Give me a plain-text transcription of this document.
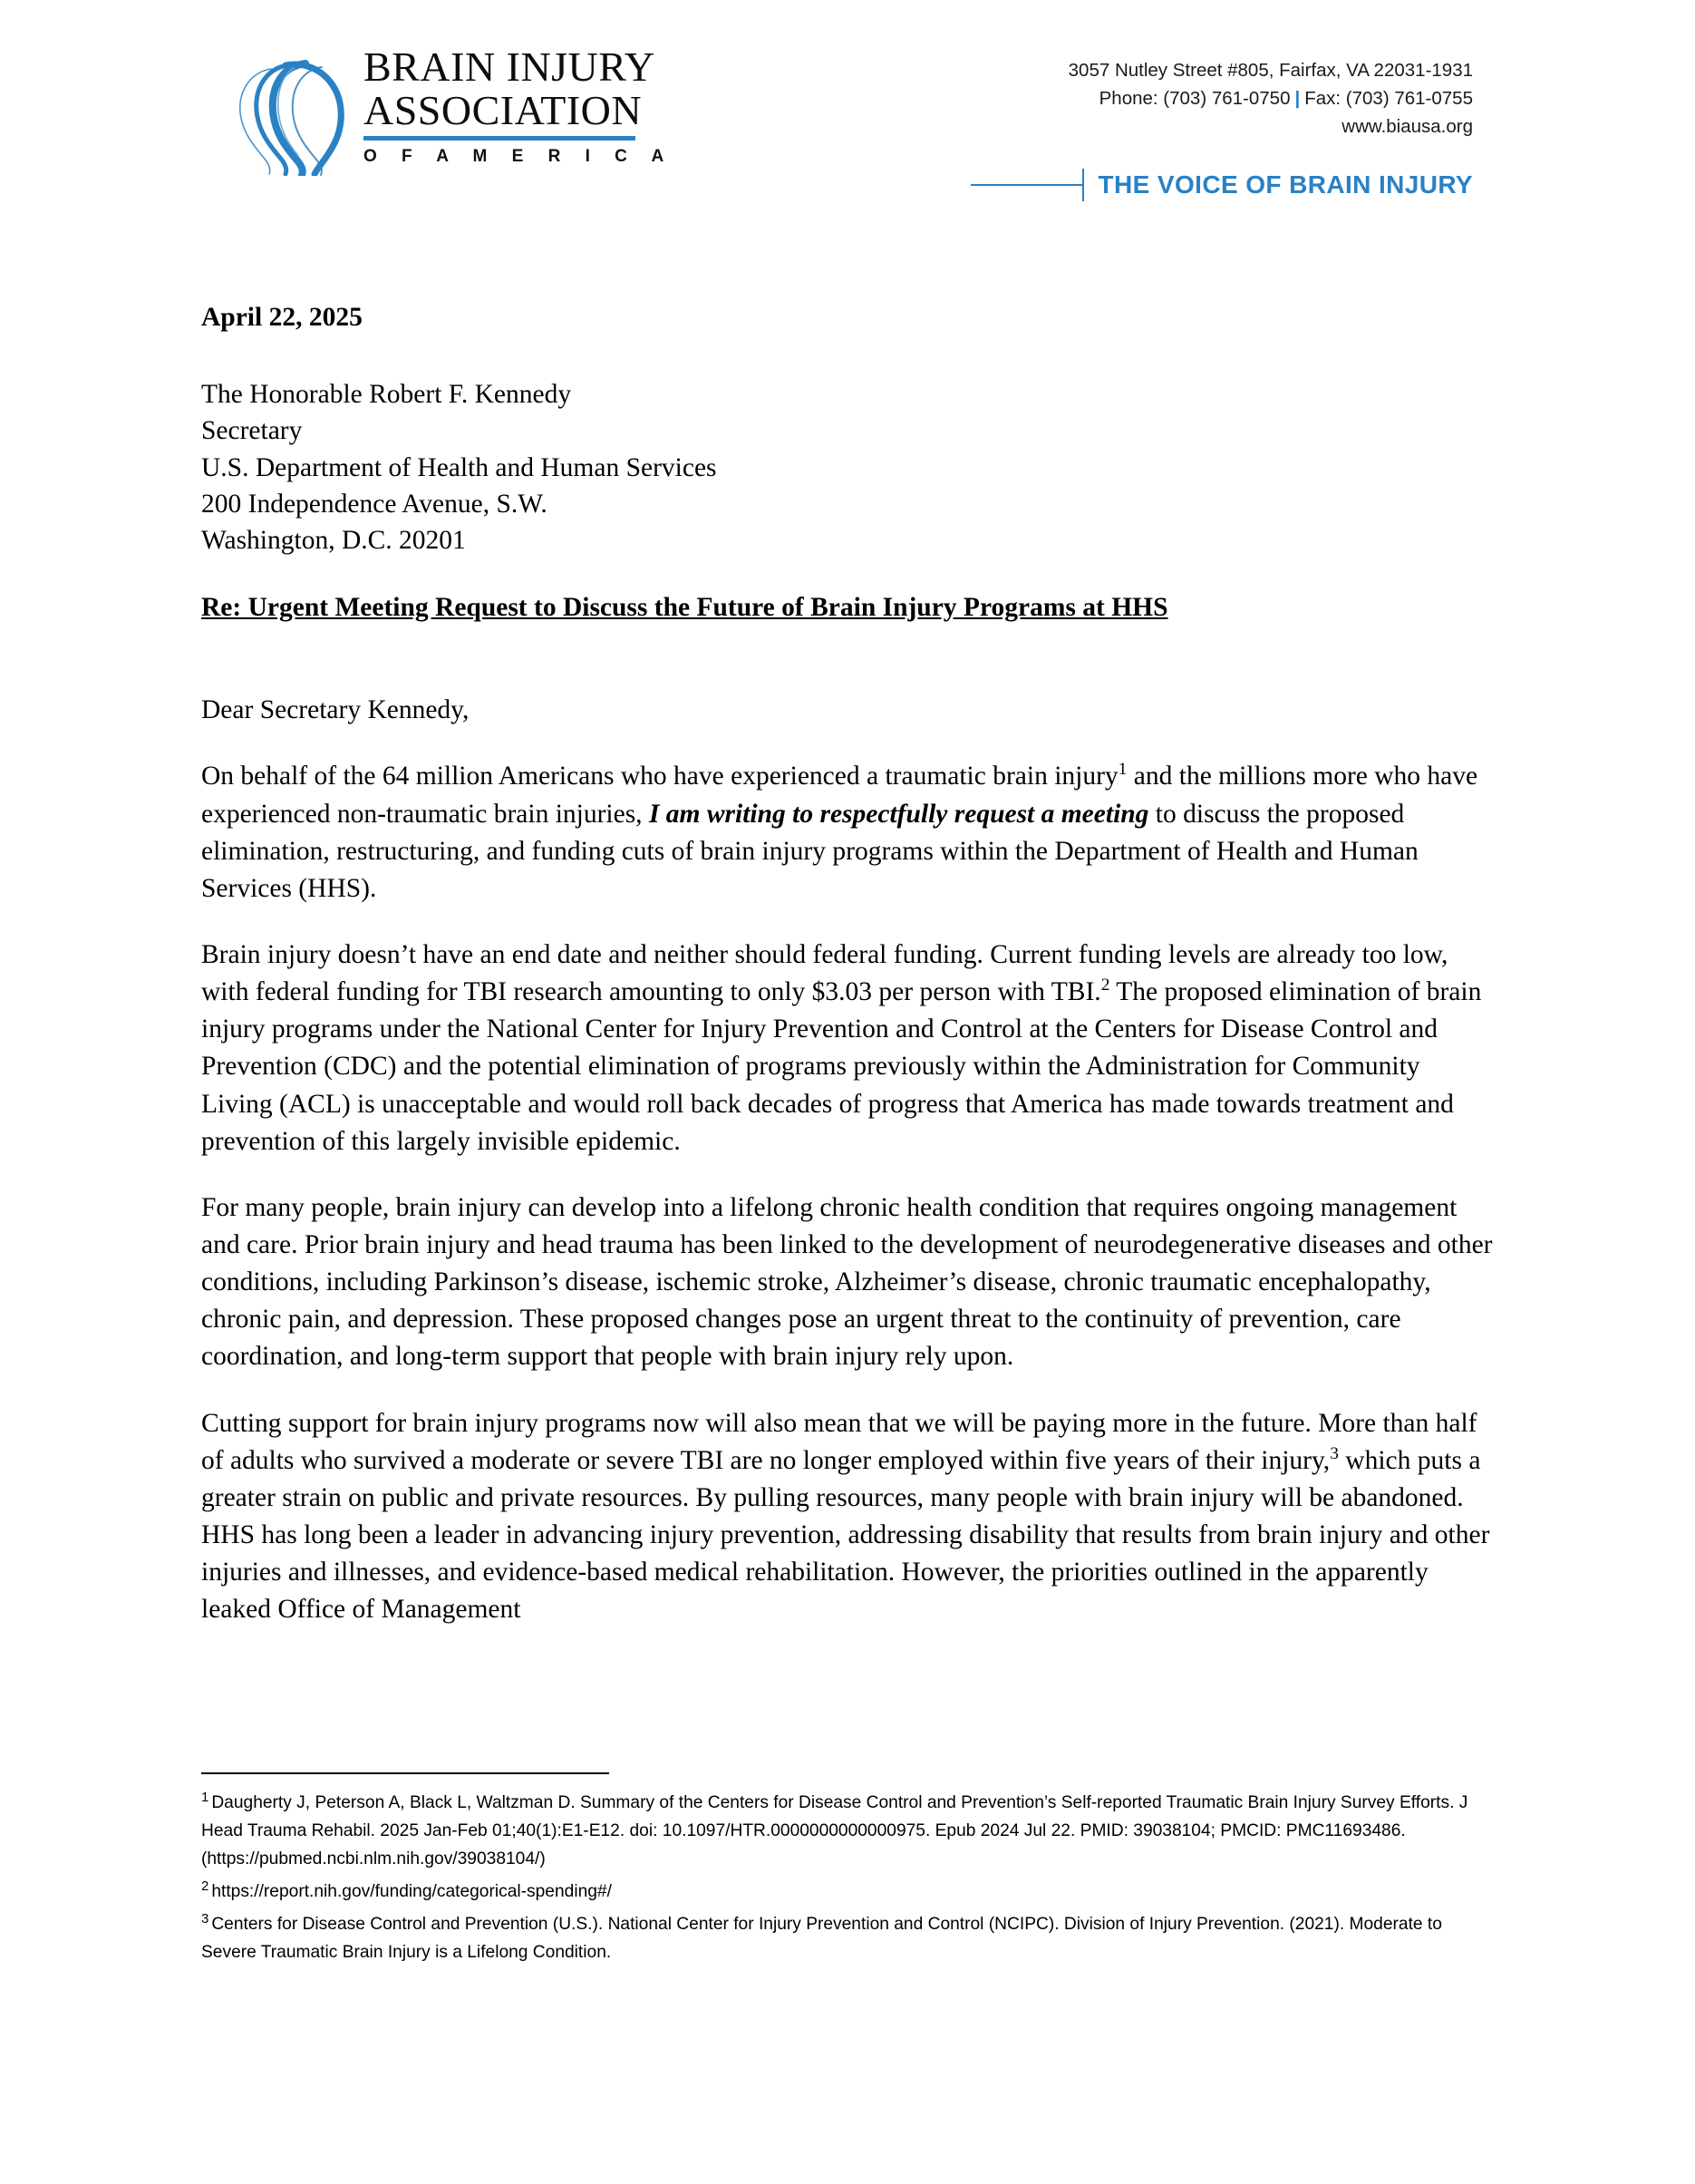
BRAIN INJURY
ASSOCIATION
O F A M E R I C A
3057 Nutley Street #805, Fairfax, VA 22031-1931
Phone: (703) 761-0750 | Fax: (703) 761-0755
www.biausa.org
THE VOICE OF BRAIN INJURY
April 22, 2025
The Honorable Robert F. Kennedy
Secretary
U.S. Department of Health and Human Services
200 Independence Avenue, S.W.
Washington, D.C. 20201
Re: Urgent Meeting Request to Discuss the Future of Brain Injury Programs at HHS
Dear Secretary Kennedy,

On behalf of the 64 million Americans who have experienced a traumatic brain injury$^1$ and the millions more who have experienced non-traumatic brain injuries, I am writing to respectfully request a meeting to discuss the proposed elimination, restructuring, and funding cuts of brain injury programs within the Department of Health and Human Services (HHS).

Brain injury doesn’t have an end date and neither should federal funding. Current funding levels are already too low, with federal funding for TBI research amounting to only $3.03 per person with TBI.$^2$ The proposed elimination of brain injury programs under the National Center for Injury Prevention and Control at the Centers for Disease Control and Prevention (CDC) and the potential elimination of programs previously within the Administration for Community Living (ACL) is unacceptable and would roll back decades of progress that America has made towards treatment and prevention of this largely invisible epidemic.

For many people, brain injury can develop into a lifelong chronic health condition that requires ongoing management and care. Prior brain injury and head trauma has been linked to the development of neurodegenerative diseases and other conditions, including Parkinson’s disease, ischemic stroke, Alzheimer’s disease, chronic traumatic encephalopathy, chronic pain, and depression. These proposed changes pose an urgent threat to the continuity of prevention, care coordination, and long-term support that people with brain injury rely upon.

Cutting support for brain injury programs now will also mean that we will be paying more in the future. More than half of adults who survived a moderate or severe TBI are no longer employed within five years of their injury,$^3$ which puts a greater strain on public and private resources. By pulling resources, many people with brain injury will be abandoned. HHS has long been a leader in advancing injury prevention, addressing disability that results from brain injury and other injuries and illnesses, and evidence-based medical rehabilitation. However, the priorities outlined in the apparently leaked Office of Management

$^1$ Daugherty J, Peterson A, Black L, Waltzman D. Summary of the Centers for Disease Control and Prevention’s Self-reported Traumatic Brain Injury Survey Efforts. J Head Trauma Rehabil. 2025 Jan-Feb 01;40(1):E1-E12. doi: 10.1097/HTR.0000000000000975. Epub 2024 Jul 22. PMID: 39038104; PMCID: PMC11693486. (https://pubmed.ncbi.nlm.nih.gov/39038104/)
$^2$ https://report.nih.gov/funding/categorical-spending#/
$^3$ Centers for Disease Control and Prevention (U.S.). National Center for Injury Prevention and Control (NCIPC). Division of Injury Prevention. (2021). Moderate to Severe Traumatic Brain Injury is a Lifelong Condition.
